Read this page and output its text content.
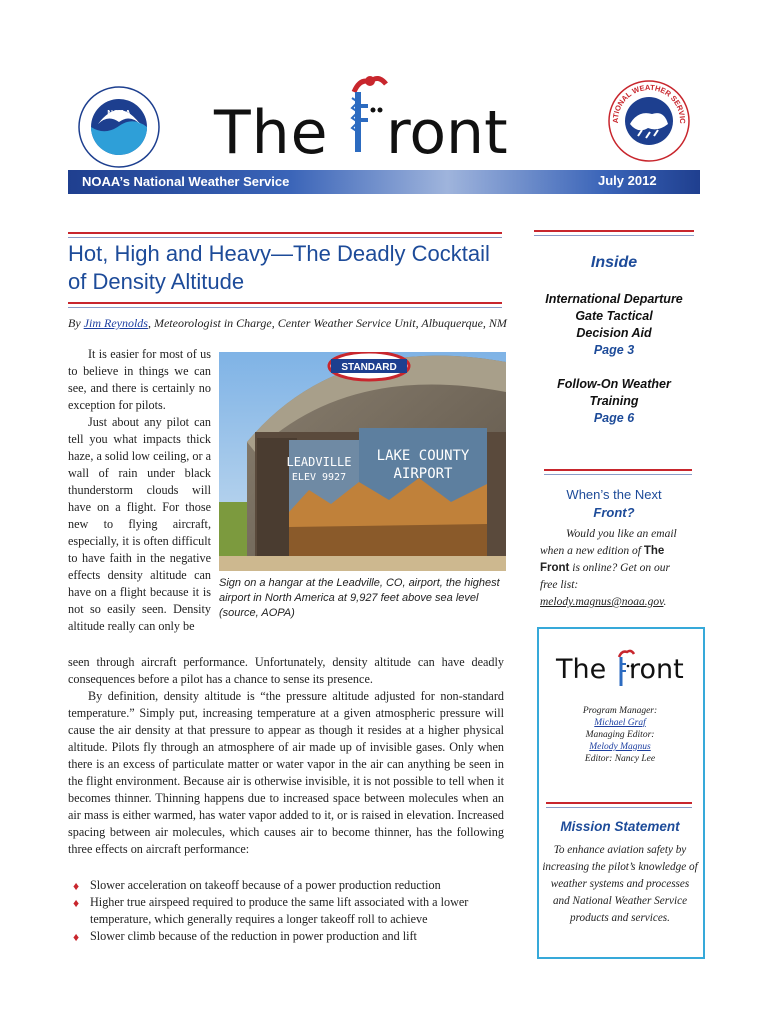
NOAA The ront	ATIONAL WEATHER SERVIC
NOAA’s National Weather Service	July 2012
Hot, High and Heavy—The Deadly Cocktail of Density Altitude
By Jim Reynolds, Meteorologist in Charge, Center Weather Service Unit, Albuquerque, NM

It is easier for most of us to believe in things we can see, and there is certainly no exception for pilots.

Just about any pilot can tell you what impacts thick haze, a solid low ceiling, or a wall of rain under black thunderstorm clouds will have on a flight. For those new to flying aircraft, especially, it is often difficult to have faith in the negative effects density altitude can have on a flight because it is not so easily seen. Density altitude really can only be

STANDARD
LEADVILLE
ELEV 9927
LAKE COUNTY
AIRPORT
Sign on a hangar at the Leadville, CO, airport, the highest airport in North America at 9,927 feet above sea level (source, AOPA)

seen through aircraft performance. Unfortunately, density altitude can have deadly consequences before a pilot has a chance to sense its presence.

By definition, density altitude is “the pressure altitude adjusted for non-standard temperature.” Simply put, increasing temperature at a given atmospheric pressure will cause the air density at that pressure to appear as though it resides at a higher physical altitude. Pilots fly through an atmosphere of air made up of invisible gases. Only when there is an excess of particulate matter or water vapor in the air can anything be seen in the flight environment. Because air is otherwise invisible, it is not possible to tell when it becomes thinner. Thinning happens due to increased space between molecules when an air mass is either warmed, has water vapor added to it, or is raised in elevation. Increased spacing between air molecules, which causes air to become thinner, has the following three effects on aircraft performance:

♦ Slower acceleration on takeoff because of a power production reduction
♦ Higher true airspeed required to produce the same lift associated with a lower temperature, which generally requires a longer takeoff roll to achieve
♦ Slower climb because of the reduction in power production and lift
Inside
International Departure
Gate Tactical
Decision Aid
Page 3
Follow-On Weather
Training
Page 6
When’s the Next
Front?
Would you like an email when a new edition of The Front is online? Get on our free list: melody.magnus@noaa.gov.
The ront
Program Manager:
Michael Graf
Managing Editor:
Melody Magnus
Editor: Nancy Lee
Mission Statement
To enhance aviation safety by increasing the pilot’s knowledge of weather systems and processes and National Weather Service products and services.
